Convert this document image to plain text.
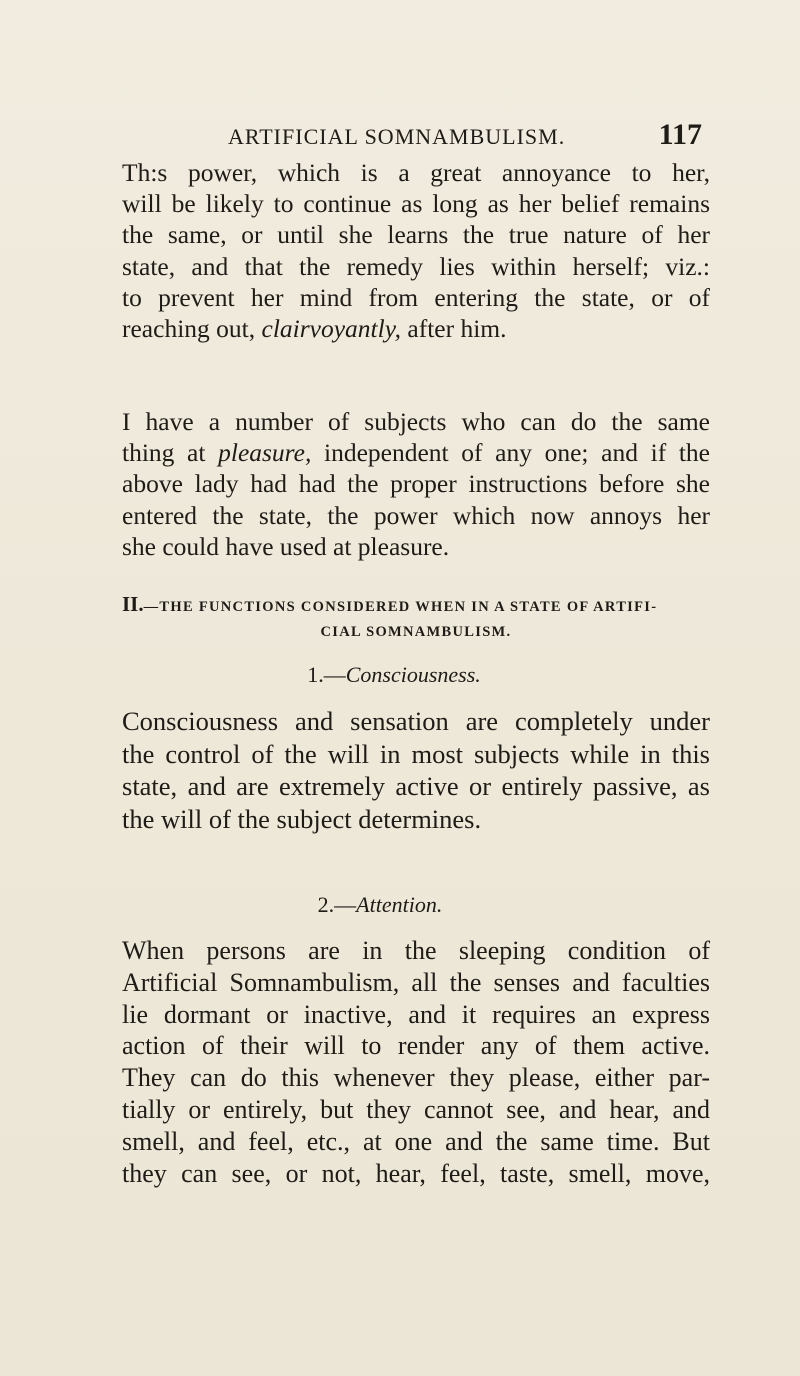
ARTIFICIAL SOMNAMBULISM.	117
Th:s power, which is a great annoyance to her,
will be likely to continue as long as her belief remains
the same, or until she learns the true nature of her
state, and that the remedy lies within herself; viz.:
to prevent her mind from entering the state, or of
reaching out, clairvoyantly, after him.
I have a number of subjects who can do the same
thing at pleasure, independent of any one; and if the
above lady had had the proper instructions before she
entered the state, the power which now annoys her
she could have used at pleasure.
II.—THE FUNCTIONS CONSIDERED WHEN IN A STATE OF ARTIFI-
CIAL SOMNAMBULISM.
1.—Consciousness.
Consciousness and sensation are completely under
the control of the will in most subjects while in this
state, and are extremely active or entirely passive, as
the will of the subject determines.
2.—Attention.
When persons are in the sleeping condition of
Artificial Somnambulism, all the senses and faculties
lie dormant or inactive, and it requires an express
action of their will to render any of them active.
They can do this whenever they please, either par-
tially or entirely, but they cannot see, and hear, and
smell, and feel, etc., at one and the same time. But
they can see, or not, hear, feel, taste, smell, move,
